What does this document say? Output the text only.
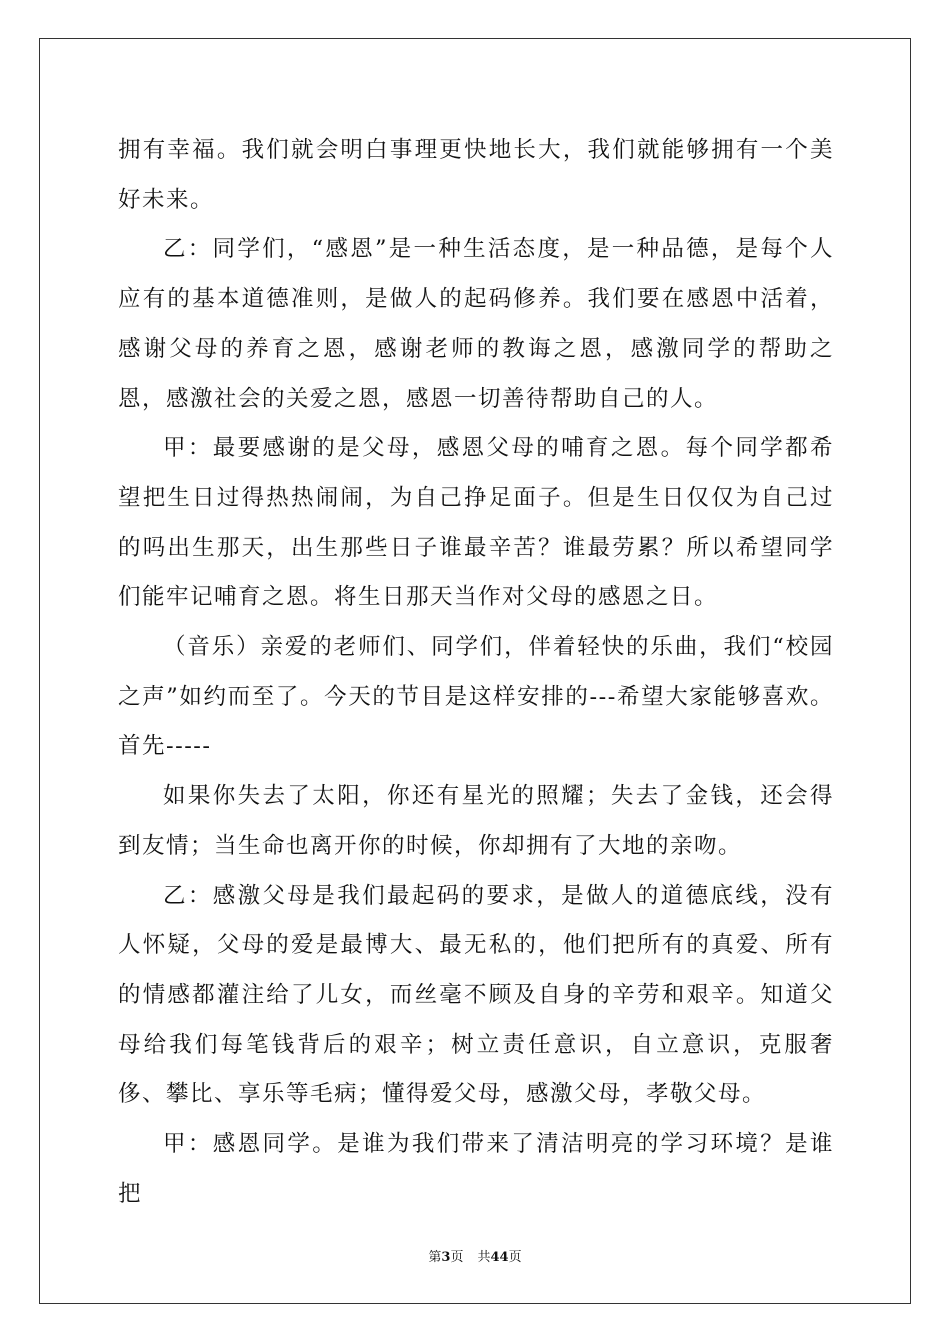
拥有幸福。我们就会明白事理更快地长大，我们就能够拥有一个美好未来。

乙：同学们，“感恩”是一种生活态度，是一种品德，是每个人应有的基本道德准则，是做人的起码修养。我们要在感恩中活着，感谢父母的养育之恩，感谢老师的教诲之恩，感激同学的帮助之恩，感激社会的关爱之恩，感恩一切善待帮助自己的人。

甲：最要感谢的是父母，感恩父母的哺育之恩。每个同学都希望把生日过得热热闹闹，为自己挣足面子。但是生日仅仅为自己过的吗出生那天，出生那些日子谁最辛苦？谁最劳累？所以希望同学们能牢记哺育之恩。将生日那天当作对父母的感恩之日。

（音乐）亲爱的老师们、同学们，伴着轻快的乐曲，我们“校园之声”如约而至了。今天的节目是这样安排的---希望大家能够喜欢。首先-----

如果你失去了太阳，你还有星光的照耀；失去了金钱，还会得到友情；当生命也离开你的时候，你却拥有了大地的亲吻。

乙：感激父母是我们最起码的要求，是做人的道德底线，没有人怀疑，父母的爱是最博大、最无私的，他们把所有的真爱、所有的情感都灌注给了儿女，而丝毫不顾及自身的辛劳和艰辛。知道父母给我们每笔钱背后的艰辛；树立责任意识，自立意识，克服奢侈、攀比、享乐等毛病；懂得爱父母，感激父母，孝敬父母。

甲：感恩同学。是谁为我们带来了清洁明亮的学习环境？是谁把

第3页 共44页
